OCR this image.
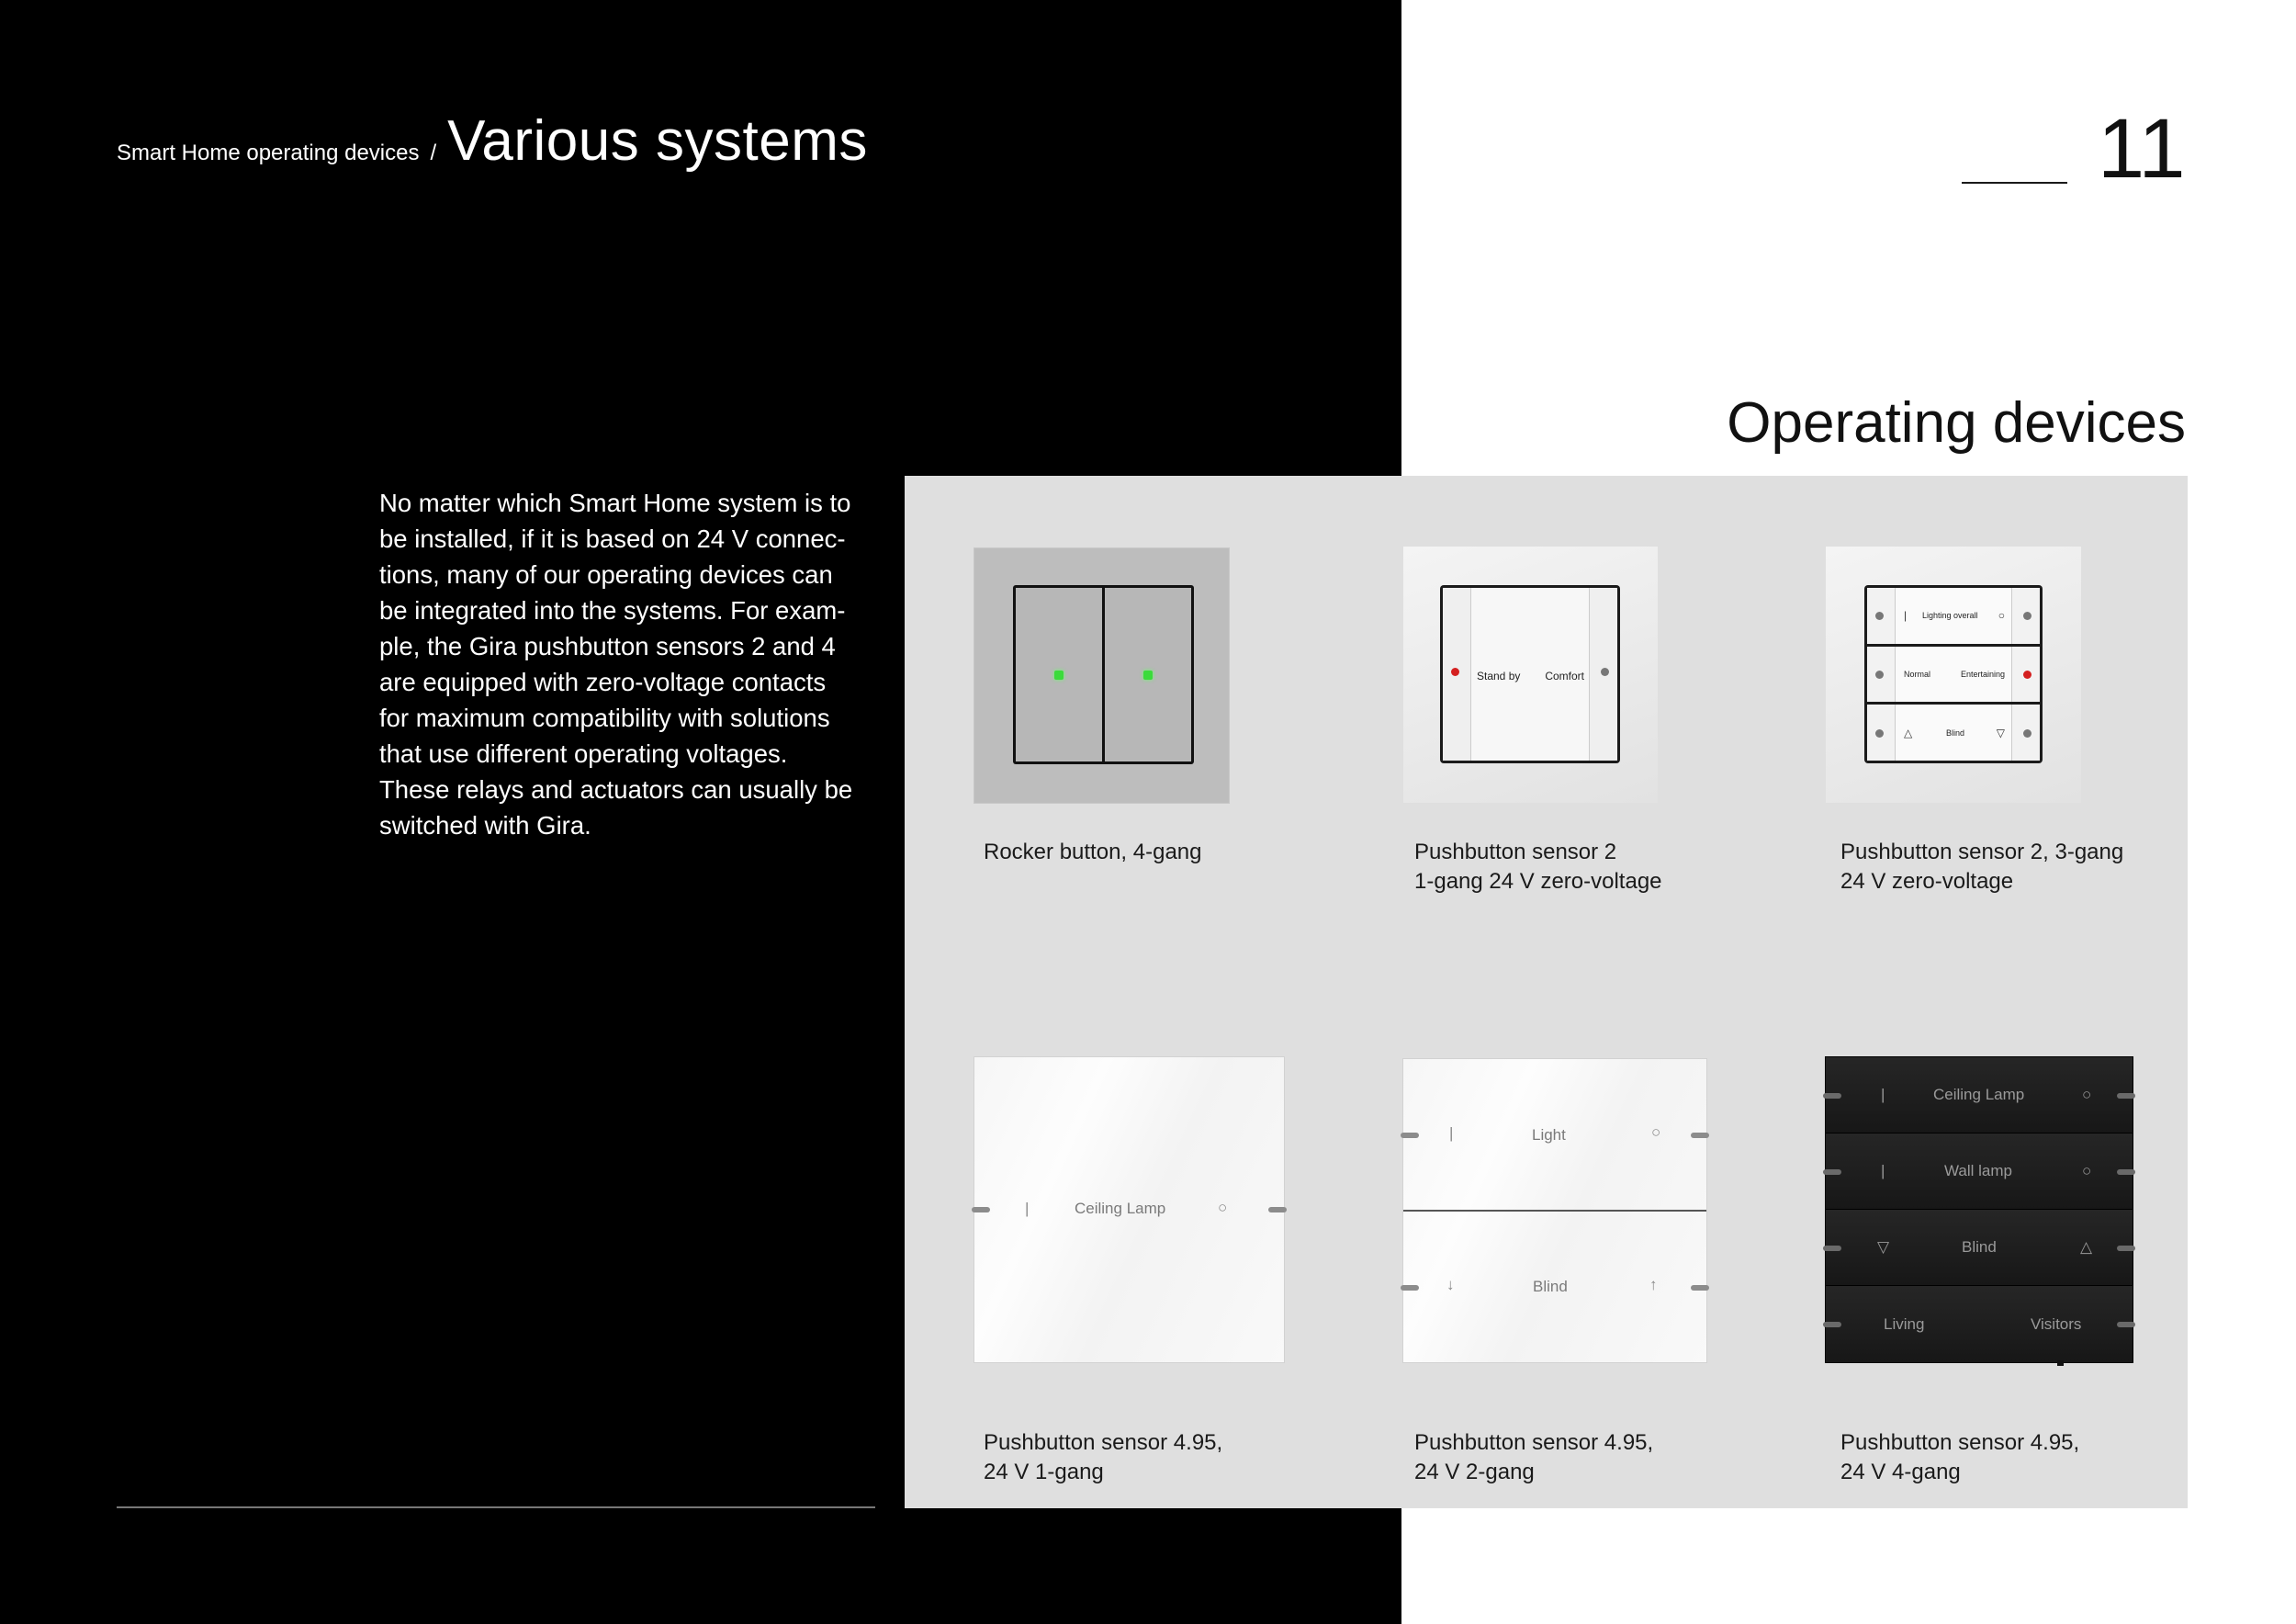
Smart Home operating devices / Various systems	11
Operating devices
No matter which Smart Home system is to
be installed, if it is based on 24 V connec-
tions, many of our operating devices can
be integrated into the systems. For exam-
ple, the Gira pushbutton sensors 2 and 4
are equipped with zero-voltage contacts
for maximum compatibility with solutions
that use different operating voltages.
These relays and actuators can usually be
switched with Gira.
Rocker button, 4-gang
Stand by Comfort
Pushbutton sensor 2
1-gang 24 V zero-voltage
| Lighting overall ○
Normal	Entertaining
△	Blind	▽
Pushbutton sensor 2, 3-gang
24 V zero-voltage
|	Ceiling Lamp	○
Pushbutton sensor 4.95,
24 V 1-gang
|	Light	○
↓	Blind	↑
Pushbutton sensor 4.95,
24 V 2-gang
|	Ceiling Lamp	○
|	Wall lamp	○
▽	Blind	△
Living	Visitors
Pushbutton sensor 4.95,
24 V 4-gang
